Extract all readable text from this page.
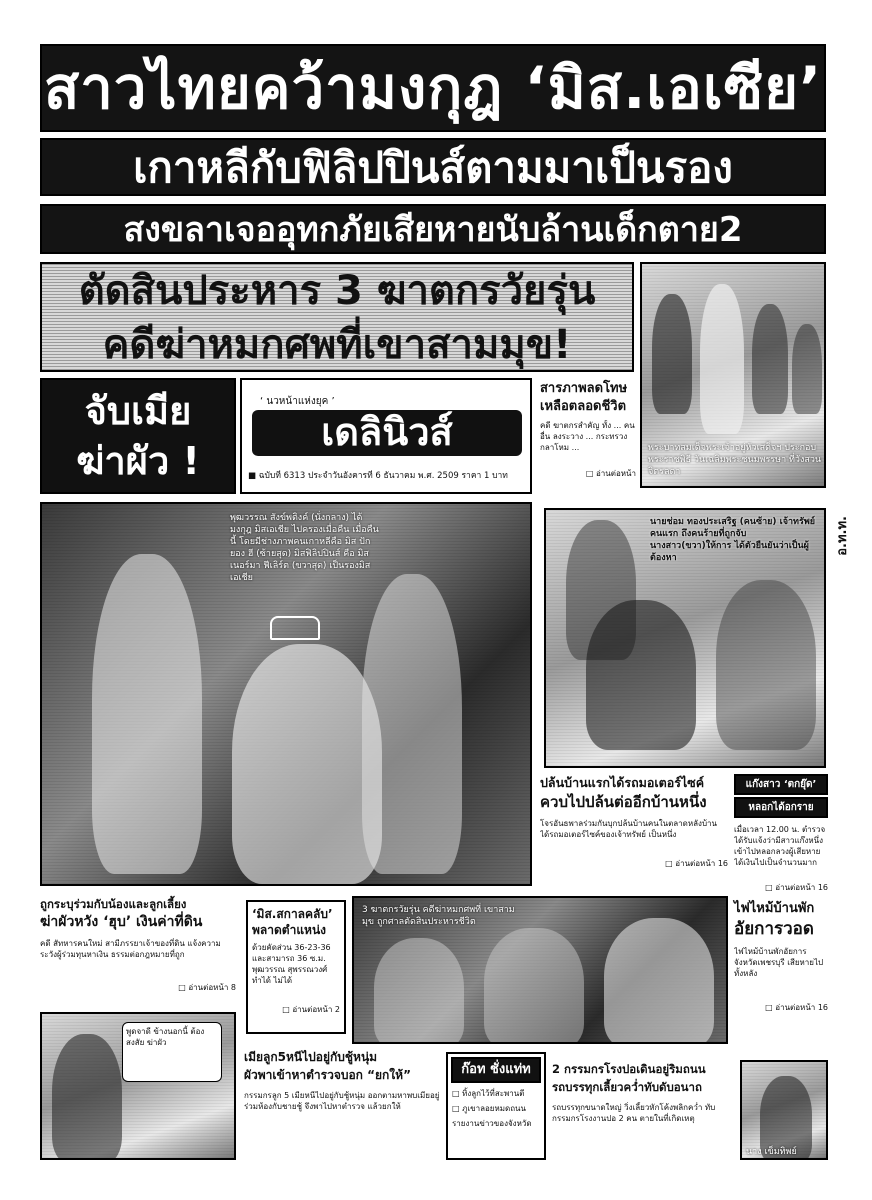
สาวไทยคว้ามงกุฎ ‘มิส.เอเซีย’
เกาหลีกับฟิลิปปินส์ตามมาเป็นรอง
สงขลาเจออุทกภัยเสียหายนับล้านเด็กตาย2
ตัดสินประหาร 3 ฆาตกรวัยรุ่น
คดีฆ่าหมกศพที่เขาสามมุข!
พระบาทสมเด็จพระเจ้าอยู่หัวเสด็จฯ ประกอบพระราชพิธี วันเฉลิมพระชนมพรรษา ที่วังสวนจิตรลดา
จับเมีย
ฆ่าผัว !
‘ นวหน้าแห่งยุค ’
เดลินิวส์
■ ฉบับที่ 6313 ประจำวันอังคารที่ 6 ธันวาคม พ.ศ. 2509 ราคา 1 บาท
สารภาพลดโทษ
เหลือตลอดชีวิต
คดี ฆาตกรสำคัญ ทั้ง ... คนอื่น ลงระวาง ... กระทรวงกลาโหม ...
□ อ่านต่อหน้า
พุฒวรรณ สังข์พติงค์ (นั่งกลาง) ได้มงกุฎ มิสเอเชีย ไปครองเมื่อคืน เมื่อคืนนี้ โดยมีช่างภาพคนเกาหลีคือ มิส ปักยอง ฮี (ซ้ายสุด) มิสฟิลิปปินส์ คือ มิส เนอร์มา ฟีเลิร์ต (ขวาสุด) เป็นรองมิสเอเชีย
นายช่อม ทองประเสริฐ (คนซ้าย) เจ้าทรัพย์คนแรก ถึงคนร้ายที่ถูกจับ นางสาว(ขวา)ให้การ ได้ตัวยืนยันว่าเป็นผู้ต้องหา
อ.ท.ท.
ปล้นบ้านแรกได้รถมอเตอร์ไซค์
ควบไปปล้นต่ออีกบ้านหนึ่ง
โจรอันธพาลร่วมกันบุกปล้นบ้านคนในตลาดหลังบ้าน ได้รถมอเตอร์ไซค์ของเจ้าทรัพย์ เป็นหนึ่ง
□ อ่านต่อหน้า 16
แก๊งสาว ‘ตกยุ๊ด’
หลอกได้อกราย
เมื่อเวลา 12.00 น. ตำรวจได้รับแจ้งว่ามีสาวแก๊งหนึ่งเข้าไปหลอกลวงผู้เสียหาย ได้เงินไปเป็นจำนวนมาก
□ อ่านต่อหน้า 16
ถูกระบุร่วมกับน้องและลูกเลี้ยง
ฆ่าผัวหวัง ‘ฮุบ’ เงินค่าที่ดิน
คดี สัทหารคนใหม่ สามีภรรยาเจ้าของที่ดิน แจ้งความ ระวังผู้ร่วมทุนหาเงิน ธรรมต่อกฎหมายที่ถูก
□ อ่านต่อหน้า 8
‘มิส.สกาลคลับ’
พลาดตำแหน่ง
ด้วยคัดส่วน 36-23-36 และสามารถ 36 ซ.ม. พุฒวรรณ สุพรรณวงศ์ทำได้ ไม่ได้
□ อ่านต่อหน้า 2
3 ฆาตกรวัยรุ่น คดีฆ่าหมกศพที่ เขาสามมุข ถูกศาลตัดสินประหารชีวิต
ไฟไหม้บ้านพัก
อัยการวอด
ไฟไหม้บ้านพักอัยการ จังหวัดเพชรบุรี เสียหายไปทั้งหลัง
□ อ่านต่อหน้า 16
พูดจาดี ข้างนอกนี้ ต้องสงสัย ฆ่าผัว
เมียลูก5หนีไปอยู่กับชู้หนุ่ม
ผัวพาเข้าหาตำรวจบอก “ยกให้”
กรรมกรลูก 5 เมียหนีไปอยู่กับชู้หนุ่ม ออกตามหาพบเมียอยู่ร่วมห้องกับชายชู้ จึงพาไปหาตำรวจ แล้วยกให้
ก๊อท ชั่งแท่ท
□ ทิ้งลูกไว้ที่สะพานตี
□ ภูเขาลอยหมดถนน
รายงานข่าวของจังหวัด
2 กรรมกรโรงปอเดินอยู่ริมถนน
รถบรรทุกเลี้ยวคว่ำทับดับอนาถ
รถบรรทุกขนาดใหญ่ วิ่งเลี้ยวหักโค้งพลิกคว่ำ ทับกรรมกรโรงงานปอ 2 คน ตายในที่เกิดเหตุ
นาง เข็มทิพย์
